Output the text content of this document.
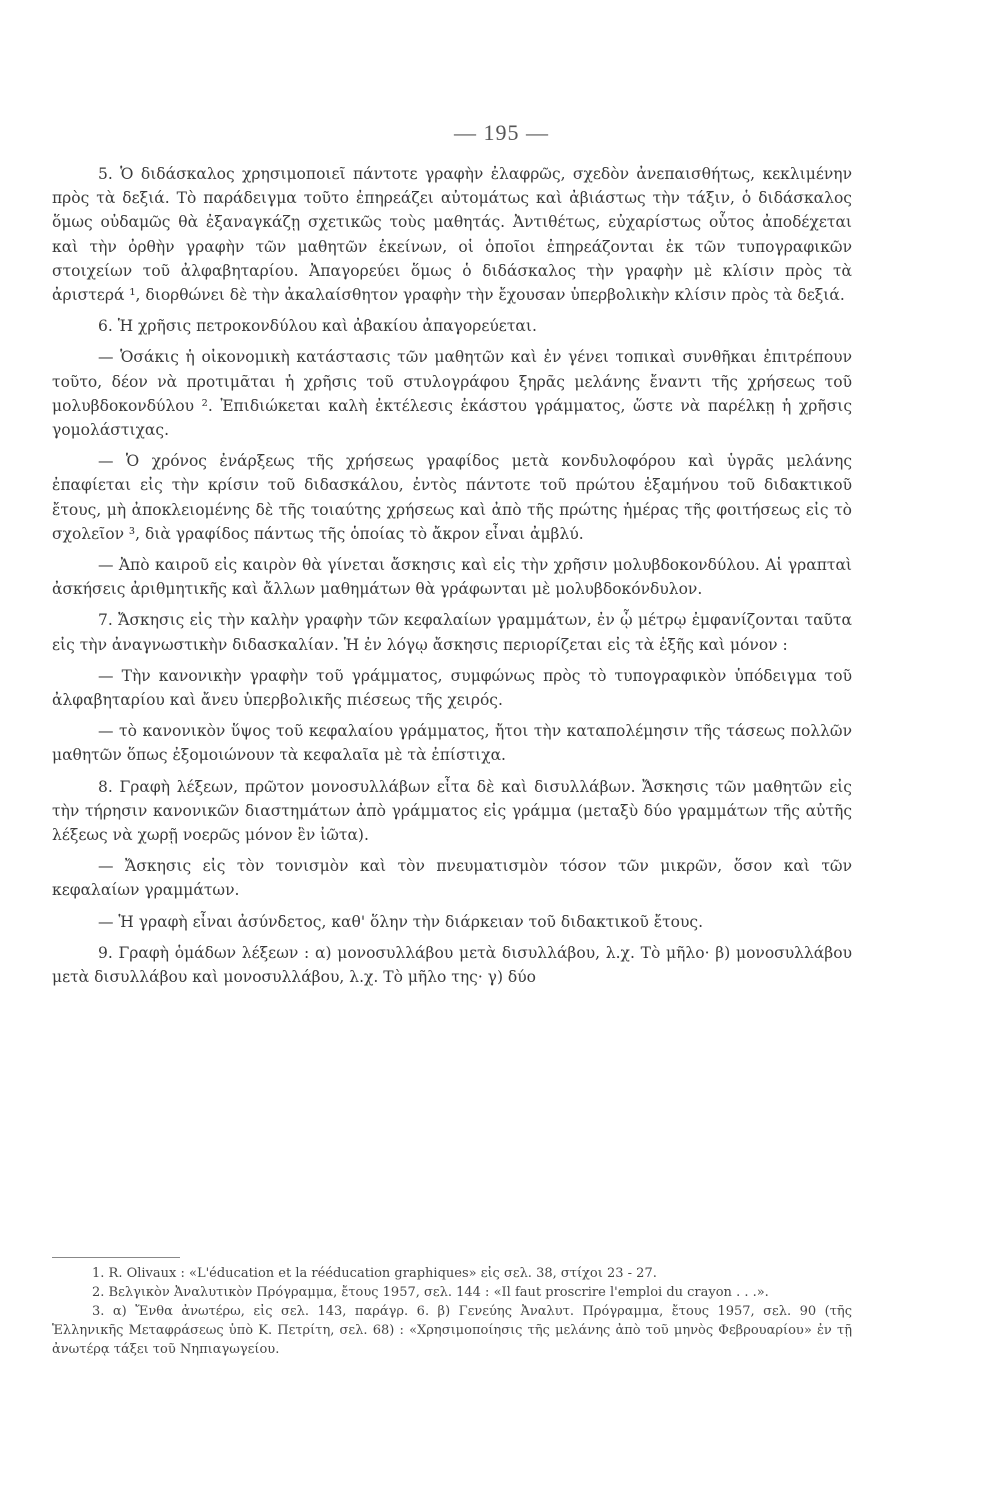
— 195 —

5. Ὁ διδάσκαλος χρησιμοποιεῖ πάντοτε γραφὴν ἐλαφρῶς, σχεδὸν ἀνεπαισθήτως, κεκλιμένην πρὸς τὰ δεξιά. Τὸ παράδειγμα τοῦτο ἐπηρεάζει αὐτομάτως καὶ ἀβιάστως τὴν τάξιν, ὁ διδάσκαλος ὅμως οὐδαμῶς θὰ ἐξαναγκάζῃ σχετικῶς τοὺς μαθητάς. Ἀντιθέτως, εὐχαρίστως οὗτος ἀποδέχεται καὶ τὴν ὀρθὴν γραφὴν τῶν μαθητῶν ἐκείνων, οἱ ὁποῖοι ἐπηρεάζονται ἐκ τῶν τυπογραφικῶν στοιχείων τοῦ ἀλφαβηταρίου. Ἀπαγορεύει ὅμως ὁ διδάσκαλος τὴν γραφὴν μὲ κλίσιν πρὸς τὰ ἀριστερά ¹, διορθώνει δὲ τὴν ἀκαλαίσθητον γραφὴν τὴν ἔχουσαν ὑπερβολικὴν κλίσιν πρὸς τὰ δεξιά.

6. Ἡ χρῆσις πετροκονδύλου καὶ ἀβακίου ἀπαγορεύεται.

— Ὁσάκις ἡ οἰκονομικὴ κατάστασις τῶν μαθητῶν καὶ ἐν γένει τοπικαὶ συνθῆκαι ἐπιτρέπουν τοῦτο, δέον νὰ προτιμᾶται ἡ χρῆσις τοῦ στυλογράφου ξηρᾶς μελάνης ἔναντι τῆς χρήσεως τοῦ μολυβδοκονδύλου ². Ἐπιδιώκεται καλὴ ἐκτέλεσις ἑκάστου γράμματος, ὥστε νὰ παρέλκῃ ἡ χρῆσις γομολάστιχας.

— Ὁ χρόνος ἐνάρξεως τῆς χρήσεως γραφίδος μετὰ κονδυλοφόρου καὶ ὑγρᾶς μελάνης ἐπαφίεται εἰς τὴν κρίσιν τοῦ διδασκάλου, ἐντὸς πάντοτε τοῦ πρώτου ἑξαμήνου τοῦ διδακτικοῦ ἔτους, μὴ ἀποκλειομένης δὲ τῆς τοιαύτης χρήσεως καὶ ἀπὸ τῆς πρώτης ἡμέρας τῆς φοιτήσεως εἰς τὸ σχολεῖον ³, διὰ γραφίδος πάντως τῆς ὁποίας τὸ ἄκρον εἶναι ἀμβλύ.

— Ἀπὸ καιροῦ εἰς καιρὸν θὰ γίνεται ἄσκησις καὶ εἰς τὴν χρῆσιν μολυβδοκονδύλου. Αἱ γραπταὶ ἀσκήσεις ἀριθμητικῆς καὶ ἄλλων μαθημάτων θὰ γράφωνται μὲ μολυβδοκόνδυλον.

7. Ἄσκησις εἰς τὴν καλὴν γραφὴν τῶν κεφαλαίων γραμμάτων, ἐν ᾧ μέτρῳ ἐμφανίζονται ταῦτα εἰς τὴν ἀναγνωστικὴν διδασκαλίαν. Ἡ ἐν λόγῳ ἄσκησις περιορίζεται εἰς τὰ ἑξῆς καὶ μόνον :

— Τὴν κανονικὴν γραφὴν τοῦ γράμματος, συμφώνως πρὸς τὸ τυπογραφικὸν ὑπόδειγμα τοῦ ἀλφαβηταρίου καὶ ἄνευ ὑπερβολικῆς πιέσεως τῆς χειρός.

— τὸ κανονικὸν ὕψος τοῦ κεφαλαίου γράμματος, ἤτοι τὴν καταπολέμησιν τῆς τάσεως πολλῶν μαθητῶν ὅπως ἐξομοιώνουν τὰ κεφαλαῖα μὲ τὰ ἐπίστιχα.

8. Γραφὴ λέξεων, πρῶτον μονοσυλλάβων εἶτα δὲ καὶ δισυλλάβων. Ἄσκησις τῶν μαθητῶν εἰς τὴν τήρησιν κανονικῶν διαστημάτων ἀπὸ γράμματος εἰς γράμμα (μεταξὺ δύο γραμμάτων τῆς αὐτῆς λέξεως νὰ χωρῇ νοερῶς μόνον ἓν ἰῶτα).

— Ἄσκησις εἰς τὸν τονισμὸν καὶ τὸν πνευματισμὸν τόσον τῶν μικρῶν, ὅσον καὶ τῶν κεφαλαίων γραμμάτων.

— Ἡ γραφὴ εἶναι ἀσύνδετος, καθ' ὅλην τὴν διάρκειαν τοῦ διδακτικοῦ ἔτους.

9. Γραφὴ ὁμάδων λέξεων : α) μονοσυλλάβου μετὰ δισυλλάβου, λ.χ. Τὸ μῆλο· β) μονοσυλλάβου μετὰ δισυλλάβου καὶ μονοσυλλάβου, λ.χ. Τὸ μῆλο της· γ) δύο

1. R. Olivaux : «L'éducation et la rééducation graphiques» εἰς σελ. 38, στίχοι 23 - 27.

2. Βελγικὸν Ἀναλυτικὸν Πρόγραμμα, ἔτους 1957, σελ. 144 : «Il faut proscrire l'emploi du crayon . . .».

3. α) Ἔνθα ἀνωτέρω, εἰς σελ. 143, παράγρ. 6. β) Γενεύης Ἀναλυτ. Πρόγραμμα, ἔτους 1957, σελ. 90 (τῆς Ἑλληνικῆς Μεταφράσεως ὑπὸ Κ. Πετρίτη, σελ. 68) : «Χρησιμοποίησις τῆς μελάνης ἀπὸ τοῦ μηνὸς Φεβρουαρίου» ἐν τῇ ἀνωτέρᾳ τάξει τοῦ Νηπιαγωγείου.
